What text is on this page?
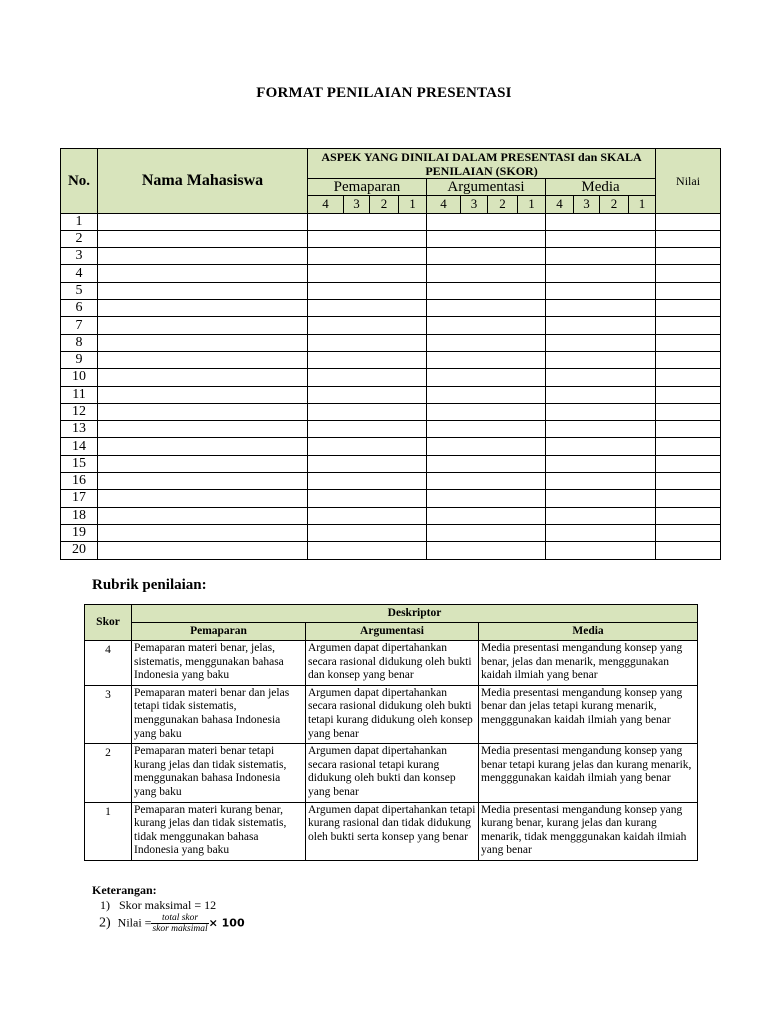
FORMAT PENILAIAN PRESENTASI
No.	Nama Mahasiswa	ASPEK YANG DINILAI DALAM PRESENTASI dan SKALA PENILAIAN (SKOR)												Nilai
		Pemaparan				Argumentasi				Media				
		4	3	2	1	4	3	2	1	4	3	2	1	
1														
2														
3														
4														
5														
6														
7														
8														
9														
10														
11														
12														
13														
14														
15														
16														
17														
18														
19														
20														
Rubrik penilaian:
Skor	Deskriptor		
	Pemaparan	Argumentasi	Media
4	Pemaparan materi benar, jelas, sistematis, menggunakan bahasa Indonesia yang baku	Argumen dapat dipertahankan secara rasional didukung oleh bukti dan konsep yang benar	Media presentasi mengandung konsep yang benar, jelas dan menarik, mengggunakan kaidah ilmiah yang benar
3	Pemaparan materi benar dan jelas tetapi tidak sistematis, menggunakan bahasa Indonesia yang baku	Argumen dapat dipertahankan secara rasional didukung oleh bukti tetapi kurang didukung oleh konsep yang benar	Media presentasi mengandung konsep yang benar dan jelas tetapi kurang menarik, mengggunakan kaidah ilmiah yang benar
2	Pemaparan materi benar tetapi kurang jelas dan tidak sistematis, menggunakan bahasa Indonesia yang baku	Argumen dapat dipertahankan secara rasional tetapi kurang didukung oleh bukti dan konsep yang benar	Media presentasi mengandung konsep yang benar tetapi kurang jelas dan kurang menarik, mengggunakan kaidah ilmiah yang benar
1	Pemaparan materi kurang benar, kurang jelas dan tidak sistematis, tidak menggunakan bahasa Indonesia yang baku	Argumen dapat dipertahankan tetapi kurang rasional dan tidak didukung oleh bukti serta konsep yang benar	Media presentasi mengandung konsep yang kurang benar, kurang jelas dan kurang menarik, tidak mengggunakan kaidah ilmiah yang benar
Keterangan:
1) Skor maksimal = 12
2) Nilai = $\frac{\text{total skor}}{\text{skor maksimal}} \times 100$
